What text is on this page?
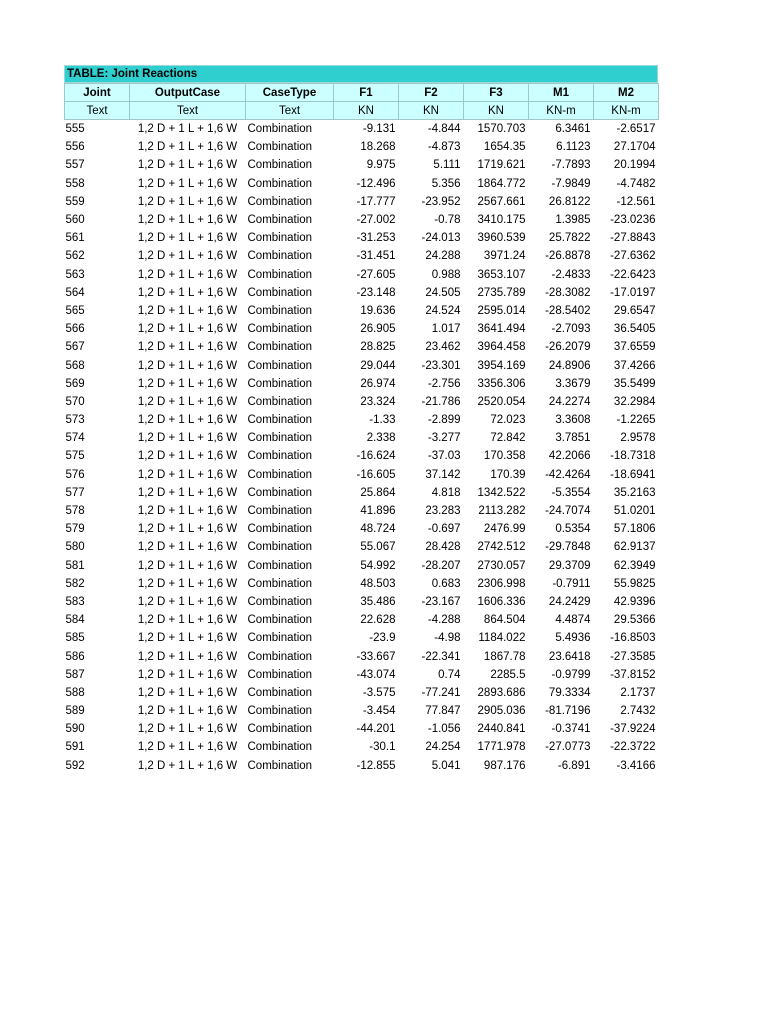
TABLE: Joint Reactions
Joint	OutputCase	CaseType	F1	F2	F3	M1	M2
Text	Text	Text	KN	KN	KN	KN-m	KN-m
555	1,2 D + 1 L + 1,6 W	Combination	-9.131	-4.844	1570.703	6.3461	-2.6517
556	1,2 D + 1 L + 1,6 W	Combination	18.268	-4.873	1654.35	6.1123	27.1704
557	1,2 D + 1 L + 1,6 W	Combination	9.975	5.111	1719.621	-7.7893	20.1994
558	1,2 D + 1 L + 1,6 W	Combination	-12.496	5.356	1864.772	-7.9849	-4.7482
559	1,2 D + 1 L + 1,6 W	Combination	-17.777	-23.952	2567.661	26.8122	-12.561
560	1,2 D + 1 L + 1,6 W	Combination	-27.002	-0.78	3410.175	1.3985	-23.0236
561	1,2 D + 1 L + 1,6 W	Combination	-31.253	-24.013	3960.539	25.7822	-27.8843
562	1,2 D + 1 L + 1,6 W	Combination	-31.451	24.288	3971.24	-26.8878	-27.6362
563	1,2 D + 1 L + 1,6 W	Combination	-27.605	0.988	3653.107	-2.4833	-22.6423
564	1,2 D + 1 L + 1,6 W	Combination	-23.148	24.505	2735.789	-28.3082	-17.0197
565	1,2 D + 1 L + 1,6 W	Combination	19.636	24.524	2595.014	-28.5402	29.6547
566	1,2 D + 1 L + 1,6 W	Combination	26.905	1.017	3641.494	-2.7093	36.5405
567	1,2 D + 1 L + 1,6 W	Combination	28.825	23.462	3964.458	-26.2079	37.6559
568	1,2 D + 1 L + 1,6 W	Combination	29.044	-23.301	3954.169	24.8906	37.4266
569	1,2 D + 1 L + 1,6 W	Combination	26.974	-2.756	3356.306	3.3679	35.5499
570	1,2 D + 1 L + 1,6 W	Combination	23.324	-21.786	2520.054	24.2274	32.2984
573	1,2 D + 1 L + 1,6 W	Combination	-1.33	-2.899	72.023	3.3608	-1.2265
574	1,2 D + 1 L + 1,6 W	Combination	2.338	-3.277	72.842	3.7851	2.9578
575	1,2 D + 1 L + 1,6 W	Combination	-16.624	-37.03	170.358	42.2066	-18.7318
576	1,2 D + 1 L + 1,6 W	Combination	-16.605	37.142	170.39	-42.4264	-18.6941
577	1,2 D + 1 L + 1,6 W	Combination	25.864	4.818	1342.522	-5.3554	35.2163
578	1,2 D + 1 L + 1,6 W	Combination	41.896	23.283	2113.282	-24.7074	51.0201
579	1,2 D + 1 L + 1,6 W	Combination	48.724	-0.697	2476.99	0.5354	57.1806
580	1,2 D + 1 L + 1,6 W	Combination	55.067	28.428	2742.512	-29.7848	62.9137
581	1,2 D + 1 L + 1,6 W	Combination	54.992	-28.207	2730.057	29.3709	62.3949
582	1,2 D + 1 L + 1,6 W	Combination	48.503	0.683	2306.998	-0.7911	55.9825
583	1,2 D + 1 L + 1,6 W	Combination	35.486	-23.167	1606.336	24.2429	42.9396
584	1,2 D + 1 L + 1,6 W	Combination	22.628	-4.288	864.504	4.4874	29.5366
585	1,2 D + 1 L + 1,6 W	Combination	-23.9	-4.98	1184.022	5.4936	-16.8503
586	1,2 D + 1 L + 1,6 W	Combination	-33.667	-22.341	1867.78	23.6418	-27.3585
587	1,2 D + 1 L + 1,6 W	Combination	-43.074	0.74	2285.5	-0.9799	-37.8152
588	1,2 D + 1 L + 1,6 W	Combination	-3.575	-77.241	2893.686	79.3334	2.1737
589	1,2 D + 1 L + 1,6 W	Combination	-3.454	77.847	2905.036	-81.7196	2.7432
590	1,2 D + 1 L + 1,6 W	Combination	-44.201	-1.056	2440.841	-0.3741	-37.9224
591	1,2 D + 1 L + 1,6 W	Combination	-30.1	24.254	1771.978	-27.0773	-22.3722
592	1,2 D + 1 L + 1,6 W	Combination	-12.855	5.041	987.176	-6.891	-3.4166
